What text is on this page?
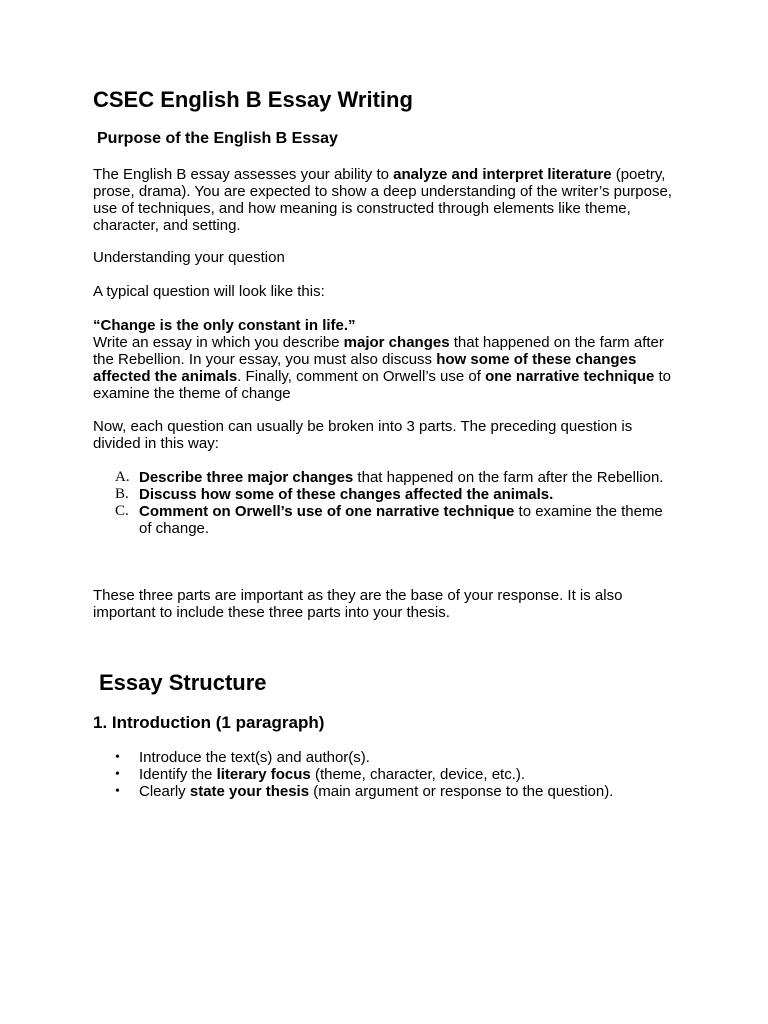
CSEC English B Essay Writing
Purpose of the English B Essay

The English B essay assesses your ability to analyze and interpret literature (poetry, prose, drama). You are expected to show a deep understanding of the writer’s purpose, use of techniques, and how meaning is constructed through elements like theme, character, and setting.

Understanding your question

A typical question will look like this:

“Change is the only constant in life.”
Write an essay in which you describe major changes that happened on the farm after the Rebellion. In your essay, you must also discuss how some of these changes affected the animals. Finally, comment on Orwell’s use of one narrative technique to examine the theme of change

Now, each question can usually be broken into 3 parts. The preceding question is divided in this way:

A. Describe three major changes that happened on the farm after the Rebellion.
B. Discuss how some of these changes affected the animals.
C. Comment on Orwell’s use of one narrative technique to examine the theme of change.

These three parts are important as they are the base of your response. It is also important to include these three parts into your thesis.

Essay Structure
1. Introduction (1 paragraph)
• Introduce the text(s) and author(s).
• Identify the literary focus (theme, character, device, etc.).
• Clearly state your thesis (main argument or response to the question).
